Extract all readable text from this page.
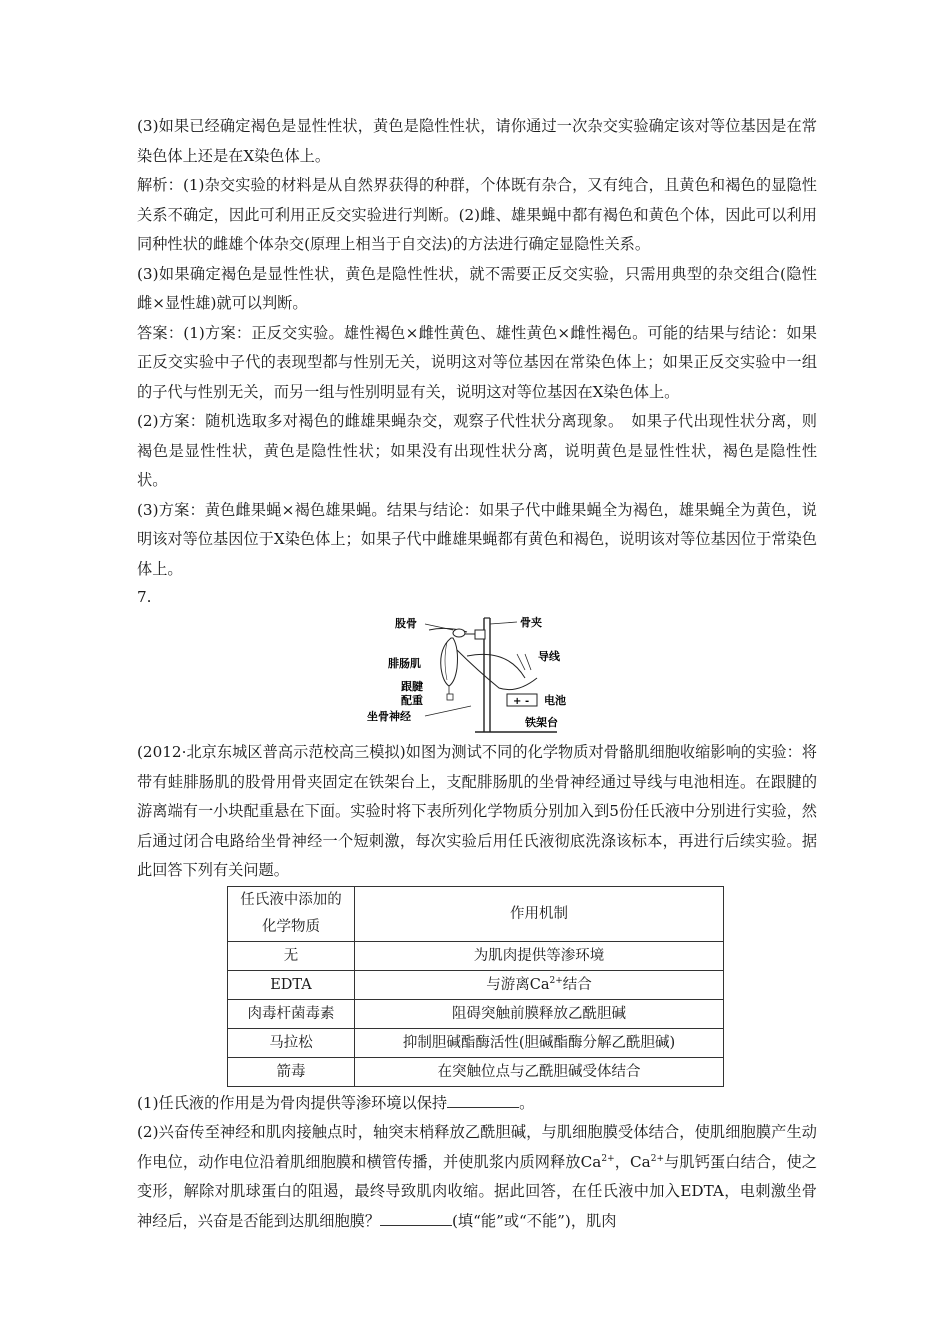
(3)如果已经确定褐色是显性性状，黄色是隐性性状，请你通过一次杂交实验确定该对等位基因是在常染色体上还是在X染色体上。

解析：(1)杂交实验的材料是从自然界获得的种群，个体既有杂合，又有纯合，且黄色和褐色的显隐性关系不确定，因此可利用正反交实验进行判断。(2)雌、雄果蝇中都有褐色和黄色个体，因此可以利用同种性状的雌雄个体杂交(原理上相当于自交法)的方法进行确定显隐性关系。

(3)如果确定褐色是显性性状，黄色是隐性性状，就不需要正反交实验，只需用典型的杂交组合(隐性雌×显性雄)就可以判断。

答案：(1)方案：正反交实验。雄性褐色×雌性黄色、雄性黄色×雌性褐色。可能的结果与结论：如果正反交实验中子代的表现型都与性别无关，说明这对等位基因在常染色体上；如果正反交实验中一组的子代与性别无关，而另一组与性别明显有关，说明这对等位基因在X染色体上。

(2)方案：随机选取多对褐色的雌雄果蝇杂交，观察子代性状分离现象。　如果子代出现性状分离，则褐色是显性性状，黄色是隐性性状；如果没有出现性状分离，说明黄色是显性性状，褐色是隐性性状。

(3)方案：黄色雌果蝇×褐色雄果蝇。结果与结论：如果子代中雌果蝇全为褐色，雄果蝇全为黄色，说明该对等位基因位于X染色体上；如果子代中雌雄果蝇都有黄色和褐色，说明该对等位基因位于常染色体上。

7.

+ -
股骨	骨夹
腓肠肌
导线
跟腱
配重	电池
坐骨神经	铁架台

(2012·北京东城区普高示范校高三模拟)如图为测试不同的化学物质对骨骼肌细胞收缩影响的实验：将带有蛙腓肠肌的股骨用骨夹固定在铁架台上，支配腓肠肌的坐骨神经通过导线与电池相连。在跟腱的游离端有一小块配重悬在下面。实验时将下表所列化学物质分别加入到5份任氏液中分别进行实验，然后通过闭合电路给坐骨神经一个短刺激，每次实验后用任氏液彻底洗涤该标本，再进行后续实验。据此回答下列有关问题。

任氏液中添加的化学物质	作用机制
无	为肌肉提供等渗环境
EDTA	与游离$Ca^{2+}$结合
肉毒杆菌毒素	阻碍突触前膜释放乙酰胆碱
马拉松	抑制胆碱酯酶活性(胆碱酯酶分解乙酰胆碱)
箭毒	在突触位点与乙酰胆碱受体结合

(1)任氏液的作用是为骨肉提供等渗环境以保持	。

(2)兴奋传至神经和肌肉接触点时，轴突末梢释放乙酰胆碱，与肌细胞膜受体结合，使肌细胞膜产生动作电位，动作电位沿着肌细胞膜和横管传播，并使肌浆内质网释放$Ca^{2+}$，$Ca^{2+}$与肌钙蛋白结合，使之变形，解除对肌球蛋白的阻遏，最终导致肌肉收缩。据此回答，在任氏液中加入EDTA，电刺激坐骨神经后，兴奋是否能到达肌细胞膜？	(填“能”或“不能”)，肌肉
